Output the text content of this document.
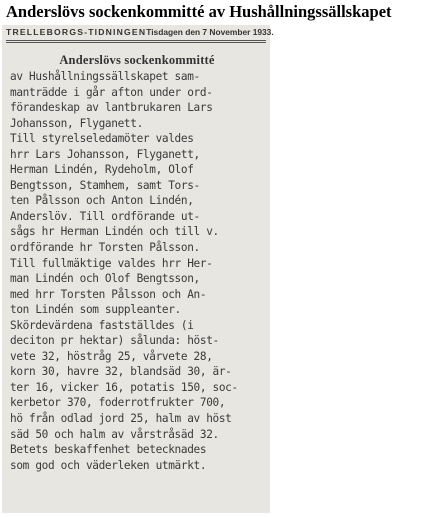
Anderslövs sockenkommitté av Hushållningssällskapet
TRELLEBORGS-TIDNINGEN Tisdagen den 7 November 1933.
Anderslövs sockenkommitté
av Hushållningssällskapet sam-
manträdde i går afton under ord-
förandeskap av lantbrukaren Lars
Johansson, Flyganett.
Till styrelseledamöter valdes
hrr Lars Johansson, Flyganett,
Herman Lindén, Rydeholm, Olof
Bengtsson, Stamhem, samt Tors-
ten Pålsson och Anton Lindén,
Anderslöv. Till ordförande ut-
sågs hr Herman Lindén och till v.
ordförande hr Torsten Pålsson.
Till fullmäktige valdes hrr Her-
man Lindén och Olof Bengtsson,
med hrr Torsten Pålsson och An-
ton Lindén som suppleanter.
Skördevärdena fastställdes (i
deciton pr hektar) sålunda: höst-
vete 32, höstråg 25, vårvete 28,
korn 30, havre 32, blandsäd 30, är-
ter 16, vicker 16, potatis 150, soc-
kerbetor 370, foderrotfrukter 700,
hö från odlad jord 25, halm av höst
säd 50 och halm av vårstråsäd 32.
Betets beskaffenhet betecknades
som god och väderleken utmärkt.
